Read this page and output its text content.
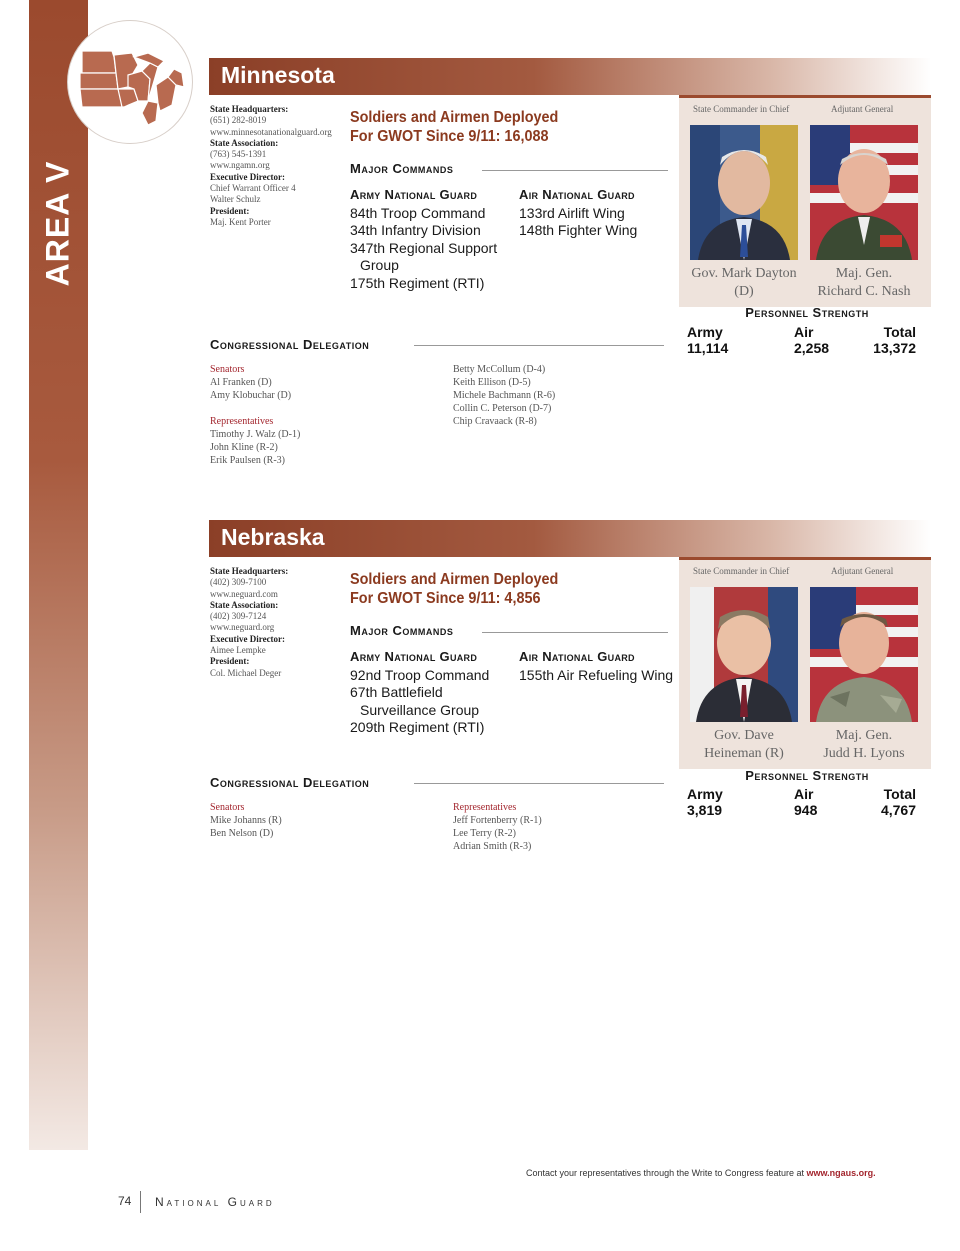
AREA V
Minnesota
State Headquarters:
(651) 282-8019
www.minnesotanationalguard.org
State Association:
(763) 545-1391
www.ngamn.org
Executive Director:
Chief Warrant Officer 4
Walter Schulz
President:
Maj. Kent Porter
Soldiers and Airmen Deployed
For GWOT Since 9/11: 16,088
Major Commands
Army National Guard
84th Troop Command
34th Infantry Division
347th Regional Support
Group
175th Regiment (RTI)
Air National Guard
133rd Airlift Wing
148th Fighter Wing
State Commander in Chief	Adjutant General
Gov. Mark Dayton
(D)
Maj. Gen.
Richard C. Nash
Personnel Strength
Army	Air	Total
11,114	2,258	13,372
Congressional Delegation
Senators
Al Franken (D)
Amy Klobuchar (D)
Representatives
Timothy J. Walz (D-1)
John Kline (R-2)
Erik Paulsen (R-3)
Betty McCollum (D-4)
Keith Ellison (D-5)
Michele Bachmann (R-6)
Collin C. Peterson (D-7)
Chip Cravaack (R-8)
Nebraska
State Headquarters:
(402) 309-7100
www.neguard.com
State Association:
(402) 309-7124
www.neguard.org
Executive Director:
Aimee Lempke
President:
Col. Michael Deger
Soldiers and Airmen Deployed
For GWOT Since 9/11: 4,856
Major Commands
Army National Guard
92nd Troop Command
67th Battlefield
Surveillance Group
209th Regiment (RTI)
Air National Guard
155th Air Refueling Wing
State Commander in Chief	Adjutant General
Gov. Dave
Heineman (R)
Maj. Gen.
Judd H. Lyons
Personnel Strength
Army	Air	Total
3,819	948	4,767
Congressional Delegation
Senators
Mike Johanns (R)
Ben Nelson (D)
Representatives
Jeff Fortenberry (R-1)
Lee Terry (R-2)
Adrian Smith (R-3)
Contact your representatives through the Write to Congress feature at www.ngaus.org.
74 National Guard
